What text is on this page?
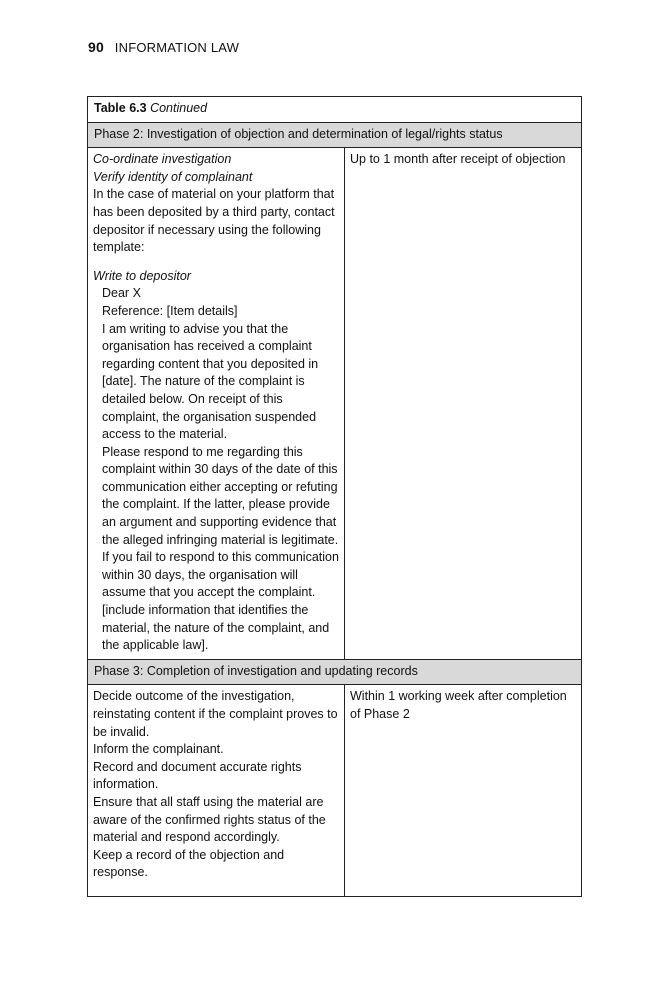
90 INFORMATION LAW
Table 6.3
Continued
Phase 2: Investigation of objection and determination of legal/rights status

Co-ordinate investigation

Verify identity of complainant

In the case of material on your platform that has been deposited by a third party, contact depositor if necessary using the following template:

Write to depositor

Dear X

Reference: [Item details]

I am writing to advise you that the organisation has received a complaint regarding content that you deposited in [date]. The nature of the complaint is detailed below. On receipt of this complaint, the organisation suspended access to the material.

Please respond to me regarding this complaint within 30 days of the date of this communication either accepting or refuting the complaint. If the latter, please provide an argument and supporting evidence that the alleged infringing material is legitimate. If you fail to respond to this communication within 30 days, the organisation will assume that you accept the complaint. [include information that identifies the material, the nature of the complaint, and the applicable law].

Up to 1 month after receipt of objection
Phase 3: Completion of investigation and updating records

Decide outcome of the investigation, reinstating content if the complaint proves to be invalid.

Inform the complainant.

Record and document accurate rights information.

Ensure that all staff using the material are aware of the confirmed rights status of the material and respond accordingly.

Keep a record of the objection and response.

Within 1 working week after completion of Phase 2
